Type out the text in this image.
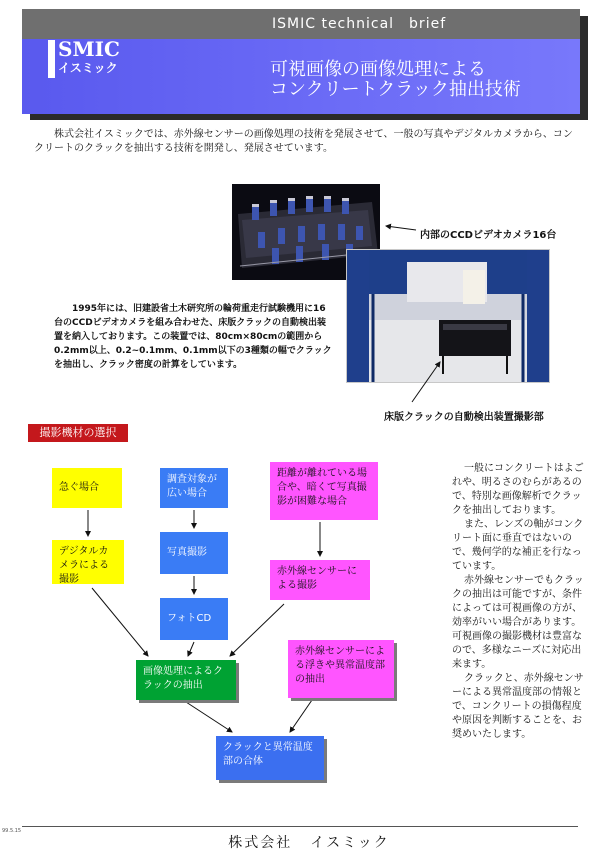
ISMIC technical　brief
SMIC
イスミック	可視画像の画像処理による
コンクリートクラック抽出技術
株式会社イスミックでは、赤外線センサーの画像処理の技術を発展させて、一般の写真やデジタルカメラから、コンクリートのクラックを抽出する技術を開発し、発展させています。
内部のCCDビデオカメラ16台
床版クラックの自動検出装置撮影部
1995年には、旧建設省土木研究所の輪荷重走行試験機用に16台のCCDビデオカメラを組み合わせた、床版クラックの自動検出装置を納入しております。この装置では、80cm×80cmの範囲から0.2mm以上、0.2~0.1mm、0.1mm以下の3種類の幅でクラックを抽出し、クラック密度の計算をしています。
撮影機材の選択
急ぐ場合
デジタルカメラによる撮影
調査対象が広い場合
写真撮影
フォトCD
距離が離れている場合や、暗くて写真撮影が困難な場合
赤外線センサーによる撮影
画像処理によるクラックの抽出
赤外線センサーによる浮きや異常温度部の抽出
クラックと異常温度部の合体

一般にコンクリートはよごれや、明るさのむらがあるので、特別な画像解析でクラックを抽出しております。

また、レンズの軸がコンクリート面に垂直ではないので、幾何学的な補正を行なっています。

赤外線センサーでもクラックの抽出は可能ですが、条件によっては可視画像の方が、効率がいい場合があります。可視画像の撮影機材は豊富なので、多様なニーズに対応出来ます。

クラックと、赤外線センサーによる異常温度部の情報とで、コンクリートの損傷程度や原因を判断することを、お奨めいたします。

99.5.15
株式会社 イスミック
